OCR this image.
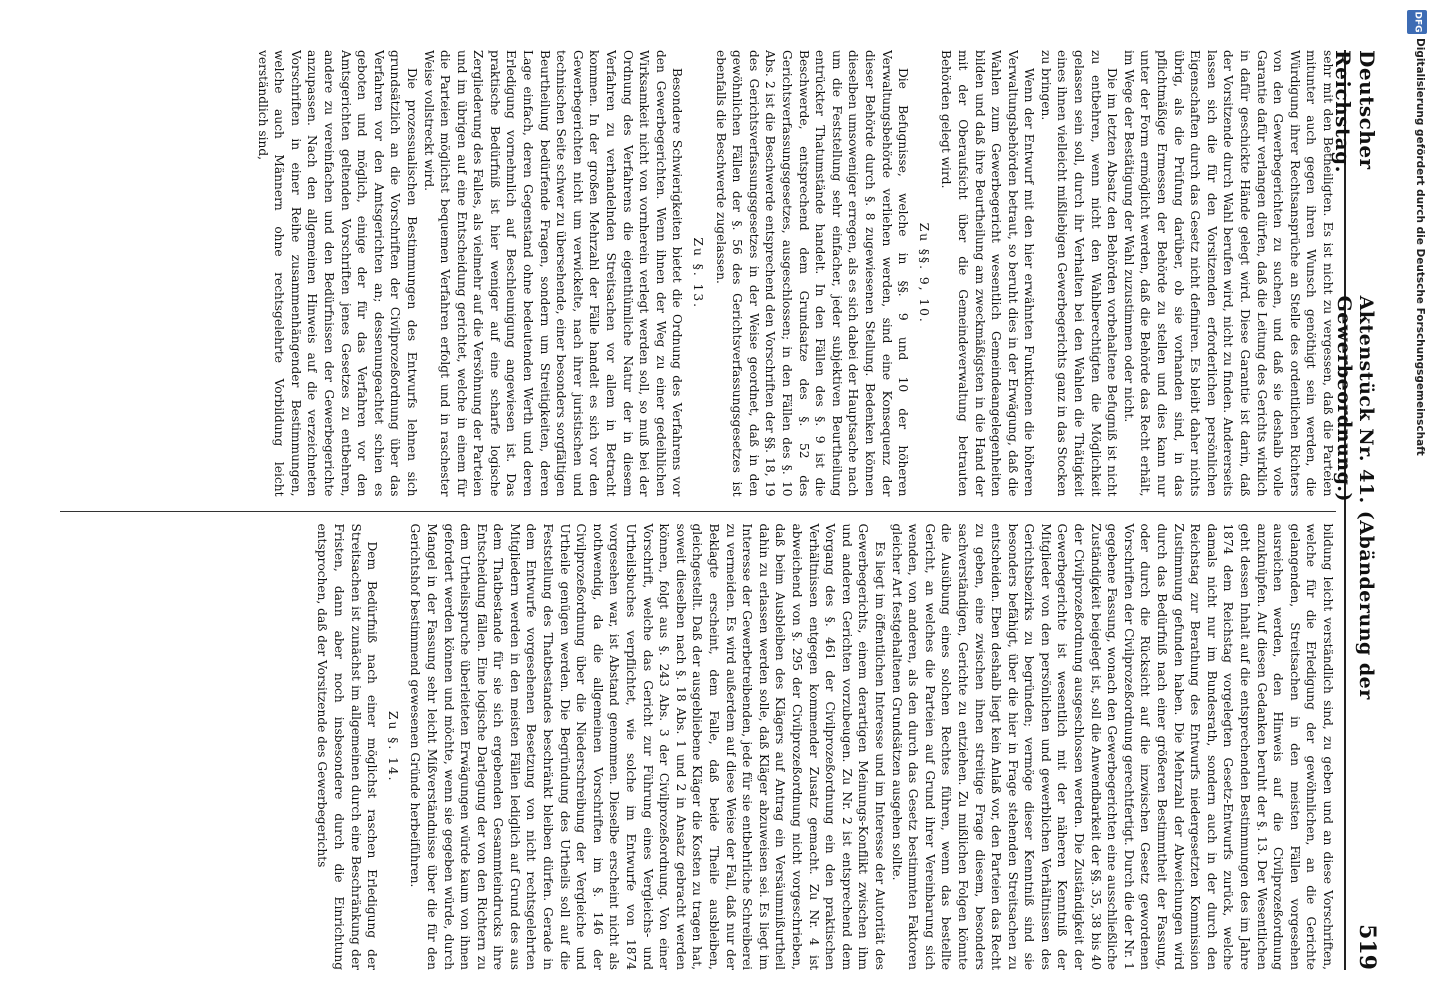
Deutscher Reichstag.
Aktenstück Nr. 41. (Abänderung der Gewerbeordnung.)
519

sehr mit den Betheiligten. Es ist nicht zu vergessen, daß die Parteien mitunter auch gegen ihren Wunsch genöthigt sein werden, die Würdigung ihrer Rechtsansprüche an Stelle des ordentlichen Richters von den Gewerbegerichten zu suchen, und daß sie deshalb volle Garantie dafür verlangen dürfen, daß die Leitung des Gerichts wirklich in dafür geschickte Hände gelegt wird. Diese Garantie ist darin, daß der Vorsitzende durch Wahl berufen wird, nicht zu finden. Andererseits lassen sich die für den Vorsitzenden erforderlichen persönlichen Eigenschaften durch das Gesetz nicht definiren. Es bleibt daher nichts übrig, als die Prüfung darüber, ob sie vorhanden sind, in das pflichtmäßige Ermessen der Behörde zu stellen und dies kann nur unter der Form ermöglicht werden, daß die Behörde das Recht erhält, im Wege der Bestätigung der Wahl zuzustimmen oder nicht.

Die im letzten Absatz den Behörden vorbehaltene Befugniß ist nicht zu entbehren, wenn nicht den Wahlberechtigten die Möglichkeit gelassen sein soll, durch ihr Verhalten bei den Wahlen die Thätigkeit eines ihnen vielleicht mißliebigen Gewerbegerichts ganz in das Stocken zu bringen.

Wenn der Entwurf mit den hier erwähnten Funktionen die höheren Verwaltungsbehörden betraut, so beruht dies in der Erwägung, daß die Wahlen zum Gewerbegericht wesentlich Gemeindeangelegenheiten bilden und daß ihre Beurtheilung am zweckmäßigsten in die Hand der mit der Oberaufsicht über die Gemeindeverwaltung betrauten Behörden gelegt wird.

Zu §§. 9, 10.

Die Befugnisse, welche in §§. 9 und 10 der höheren Verwaltungsbehörde verliehen werden, sind eine Konsequenz der dieser Behörde durch §. 8 zugewiesenen Stellung. Bedenken können dieselben umsoweniger erregen, als es sich dabei der Hauptsache nach um die Feststellung sehr einfacher, jeder subjektiven Beurtheilung entrückter Thatumstände handelt. In den Fällen des §. 9 ist die Beschwerde, entsprechend dem Grundsatze des §. 52 des Gerichtsverfassungsgesetzes, ausgeschlossen; in den Fällen des §. 10 Abs. 2 ist die Beschwerde entsprechend den Vorschriften der §§. 18, 19 des Gerichtsverfassungsgesetzes in der Weise geordnet, daß in den gewöhnlichen Fällen der §. 56 des Gerichtsverfassungsgesetzes ist ebenfalls die Beschwerde zugelassen.

Zu §. 13.

Besondere Schwierigkeiten bietet die Ordnung des Verfahrens vor den Gewerbegerichten. Wenn ihnen der Weg zu einer gedeihlichen Wirksamkeit nicht von vornherein verlegt werden soll, so muß bei der Ordnung des Verfahrens die eigenthümliche Natur der in diesem Verfahren zu verhandelnden Streitsachen vor allem in Betracht kommen. In der großen Mehrzahl der Fälle handelt es sich vor den Gewerbegerichten nicht um verwickelte, nach ihrer juristischen und technischen Seite schwer zu übersehende, einer besonders sorgfältigen Beurtheilung bedürfende Fragen, sondern um Streitigkeiten, deren Lage einfach, deren Gegenstand ohne bedeutenden Werth und deren Erledigung vornehmlich auf Beschleunigung angewiesen ist. Das praktische Bedürfniß ist hier weniger auf eine scharfe logische Zergliederung des Falles, als vielmehr auf die Versöhnung der Parteien und im übrigen auf eine Entscheidung gerichtet, welche in einem für die Parteien möglichst bequemen Verfahren erfolgt und in raschester Weise vollstreckt wird.

Die prozessualischen Bestimmungen des Entwurfs lehnen sich grundsätzlich an die Vorschriften der Civilprozeßordnung über das Verfahren vor den Amtsgerichten an; dessenungeachtet schien es geboten und möglich, einige der für das Verfahren vor den Amtsgerichten geltenden Vorschriften jenes Gesetzes zu entbehren, andere zu vereinfachen und den Bedürfnissen der Gewerbegerichte anzupassen. Nach den allgemeinen Hinweis auf die verzeichneten Vorschriften in einer Reihe zusammenhängender Bestimmungen, welche auch Männern ohne rechtsgelehrte Vorbildung leicht verständlich sind,

bildung leicht verständlich sind, zu geben und an diese Vorschriften, welche für die Erledigung der gewöhnlichen, an die Gerichte gelangenden, Streitsachen in den meisten Fällen vorgesehen ausreichen werden, den Hinweis auf die Civilprozeßordnung anzuknüpfen. Auf diesen Gedanken beruht der §. 13. Der Wesentlichen geht dessen Inhalt auf die entsprechenden Bestimmungen des im Jahre 1874 dem Reichstag vorgelegten Gesetz-Entwurfs zurück, welche damals nicht nur im Bundesrath, sondern auch in der durch den Reichstag zur Berathung des Entwurfs niedergesetzten Kommission Zustimmung gefunden haben. Die Mehrzahl der Abweichungen wird durch das Bedürfniß nach einer größeren Bestimmtheit der Fassung, oder durch die Rücksicht auf die inzwischen Gesetz gewordenen Vorschriften der Civilprozeßordnung gerechtfertigt. Durch die der Nr. 1 gegebene Fassung, wonach den Gewerbegerichten eine ausschließliche Zuständigkeit beigelegt ist, soll die Anwendbarkeit der §§. 35, 38 bis 40 der Civilprozeßordnung ausgeschlossen werden. Die Zuständigkeit der Gewerbegerichte ist wesentlich mit der näheren Kenntniß der Mitglieder von den persönlichen und gewerblichen Verhältnissen des Gerichtsbezirks zu begründen; vermöge dieser Kenntniß sind sie besonders befähigt, über die hier in Frage stehenden Streitsachen zu entscheiden. Eben deshalb liegt kein Anlaß vor, den Parteien das Recht zu geben, eine zwischen ihnen streitige Frage diesem, besonders sachverständigen, Gerichte zu entziehen. Zu mißlichen Folgen könnte die Ausübung eines solchen Rechtes führen, wenn das bestellte Gericht, an welches die Parteien auf Grund ihrer Vereinbarung sich wenden, von anderen, als den durch das Gesetz bestimmten Faktoren gleicher Art festgehaltenen Grundsätzen ausgehen sollte.

Es liegt im öffentlichen Interesse und im Interesse der Autorität des Gewerbegerichts, einem derartigen Meinungs-Konflikt zwischen ihm und anderen Gerichten vorzubeugen. Zu Nr. 2 ist entsprechend dem Vorgang des §. 461 der Civilprozeßordnung ein den praktischen Verhältnissen entgegen kommender Zusatz gemacht. Zu Nr. 4 ist abweichend von §. 295 der Civilprozeßordnung nicht vorgeschrieben, daß beim Ausbleiben des Klägers auf Antrag ein Versäumnißurtheil dahin zu erlassen werden solle, daß Kläger abzuweisen sei. Es liegt im Interesse der Gewerbetreibenden, jede für sie entbehrliche Schreiberei zu vermeiden. Es wird außerdem auf diese Weise der Fall, daß nur der Beklagte erscheint, dem Falle, daß beide Theile ausbleiben, gleichgestellt. Daß der ausgebliebene Kläger die Kosten zu tragen hat, soweit dieselben nach §. 18 Abs. 1 und 2 in Ansatz gebracht werden können, folgt aus §. 243 Abs. 3 der Civilprozeßordnung. Von einer Vorschrift, welche das Gericht zur Führung eines Vergleichs- und Urtheilsbuches verpflichtet, wie solche im Entwurfe von 1874 vorgesehen war, ist Abstand genommen. Dieselbe erscheint nicht als nothwendig, da die allgemeinen Vorschriften im §. 146 der Civilprozeßordnung über die Niederschreibung der Vergleiche und Urtheile genügen werden. Die Begründung des Urtheils soll auf die Feststellung des Thatbestandes beschränkt bleiben dürfen. Gerade in dem Entwurfe vorgesehenen Besetzung von nicht rechtsgelehrten Mitgliedern werden in den meisten Fällen lediglich auf Grund des aus dem Thatbestande für sie sich ergebenden Gesammteindrucks ihre Entscheidung fällen. Eine logische Darlegung der von den Richtern zu dem Urtheilsspruche überleiteten Erwägungen würde kaum von ihnen gefordert werden können und möchte, wenn sie gegeben würde, durch Mangel in der Fassung sehr leicht Mißverständnisse über die für den Gerichtshof bestimmend gewesenen Gründe herbeiführen.

Zu §. 14.

Dem Bedürfniß nach einer möglichst raschen Erledigung der Streitsachen ist zunächst im allgemeinen durch eine Beschränkung der Fristen, dann aber noch insbesondere durch die Einrichtung entsprochen, daß der Vorsitzende des Gewerbegerichts

DFG
Digitalisierung gefördert durch die Deutsche Forschungsgemeinschaft
